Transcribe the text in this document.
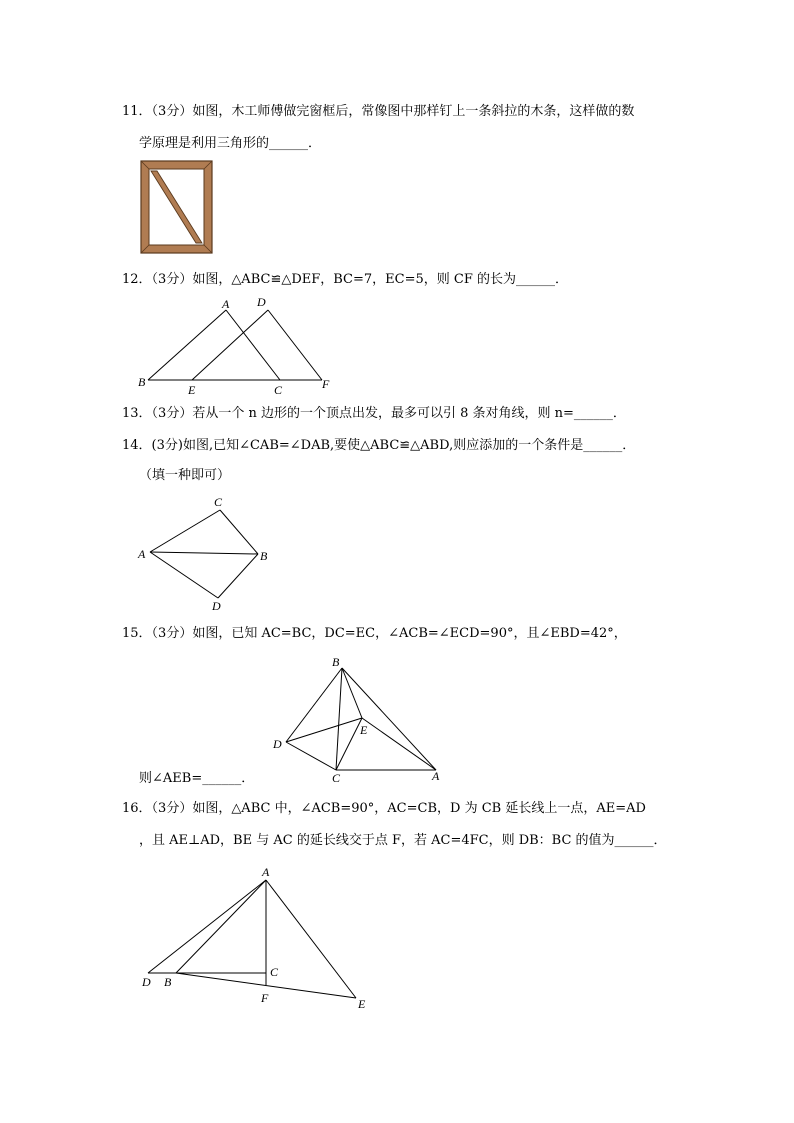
11．（3分）如图，木工师傅做完窗框后，常像图中那样钉上一条斜拉的木条，这样做的数
学原理是利用三角形的______．
12．（3分）如图，△ABC≌△DEF，BC=7，EC=5，则 CF 的长为______．
A D
B
E	C	F
13．（3分）若从一个 n 边形的一个顶点出发，最多可以引 8 条对角线，则 n=______．
14．(3分)如图,已知∠CAB=∠DAB,要使△ABC≌△ABD,则应添加的一个条件是______．
（填一种即可）
C
A	B
D
15．（3分）如图，已知 AC=BC，DC=EC，∠ACB=∠ECD=90°，且∠EBD=42°，
B
D
E
C	A
则∠AEB=______．
16．（3分）如图，△ABC 中，∠ACB=90°，AC=CB，D 为 CB 延长线上一点，AE=AD
，且 AE⊥AD，BE 与 AC 的延长线交于点 F，若 AC=4FC，则 DB：BC 的值为______．
A
C
D B
F	E
